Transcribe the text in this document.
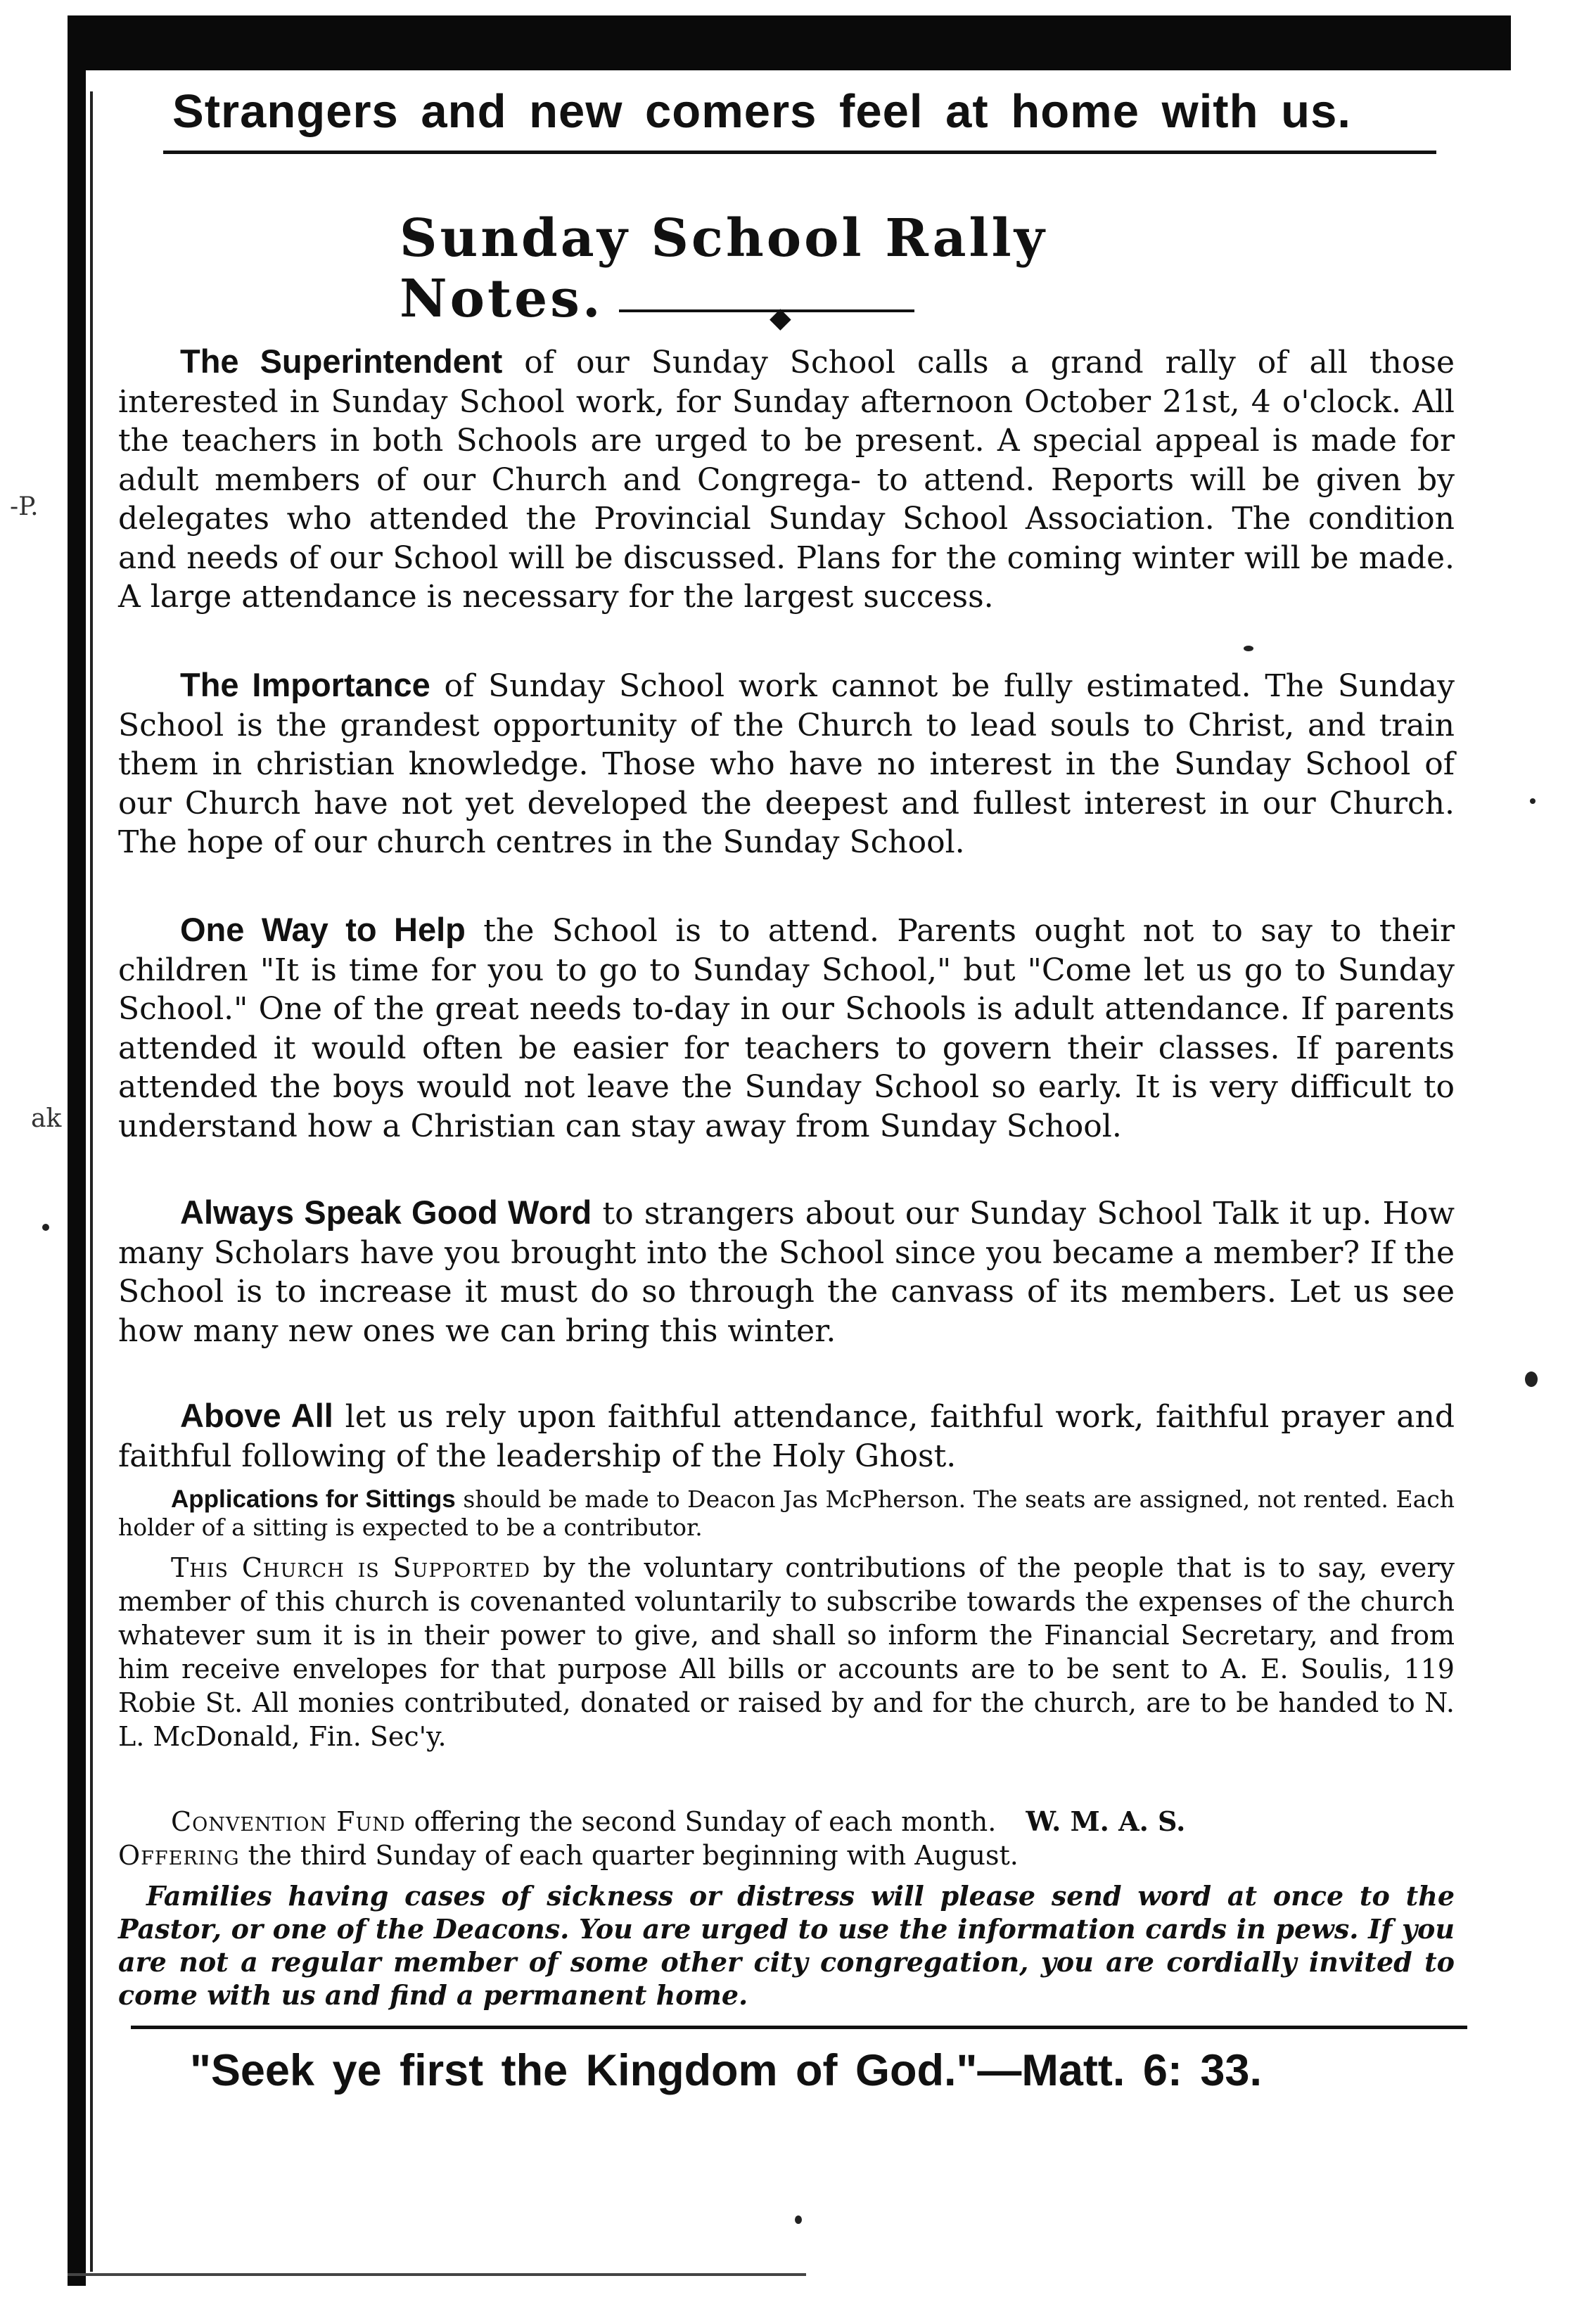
Strangers and new comers feel at home with us.
Sunday School Rally Notes.	◆
The Superintendent of our Sunday School calls a grand rally of all those interested in Sunday School work, for Sunday afternoon October 21st, 4 o'clock. All the teachers in both Schools are urged to be present. A special appeal is made for adult members of our Church and Congrega- to attend. Reports will be given by delegates who attended the Provincial Sunday School Association. The condition and needs of our School will be discussed. Plans for the coming winter will be made. A large attendance is necessary for the largest success.
The Importance of Sunday School work cannot be fully estimated. The Sunday School is the grandest opportunity of the Church to lead souls to Christ, and train them in christian knowledge. Those who have no interest in the Sunday School of our Church have not yet developed the deepest and fullest interest in our Church. The hope of our church centres in the Sunday School.
One Way to Help the School is to attend. Parents ought not to say to their children "It is time for you to go to Sunday School," but "Come let us go to Sunday School." One of the great needs to-day in our Schools is adult attendance. If parents attended it would often be easier for teachers to govern their classes. If parents attended the boys would not leave the Sunday School so early. It is very difficult to understand how a Christian can stay away from Sunday School.
Always Speak Good Word to strangers about our Sunday School Talk it up. How many Scholars have you brought into the School since you became a member? If the School is to increase it must do so through the canvass of its members. Let us see how many new ones we can bring this winter.
Above All let us rely upon faithful attendance, faithful work, faithful prayer and faithful following of the leadership of the Holy Ghost.
Applications for Sittings should be made to Deacon Jas McPherson. The seats are assigned, not rented. Each holder of a sitting is expected to be a contributor.
This Church is Supported by the voluntary contributions of the people that is to say, every member of this church is covenanted voluntarily to subscribe towards the expenses of the church whatever sum it is in their power to give, and shall so inform the Financial Secretary, and from him receive envelopes for that purpose All bills or accounts are to be sent to A. E. Soulis, 119 Robie St. All monies contributed, donated or raised by and for the church, are to be handed to N. L. McDonald, Fin. Sec'y.
Convention Fund offering the second Sunday of each month. W. M. A. S.
Offering the third Sunday of each quarter beginning with August.
Families having cases of sickness or distress will please send word at once to the Pastor, or one of the Deacons. You are urged to use the information cards in pews. If you are not a regular member of some other city congregation, you are cordially invited to come with us and find a permanent home.
"Seek ye first the Kingdom of God."—Matt. 6: 33.
-P.
ak
